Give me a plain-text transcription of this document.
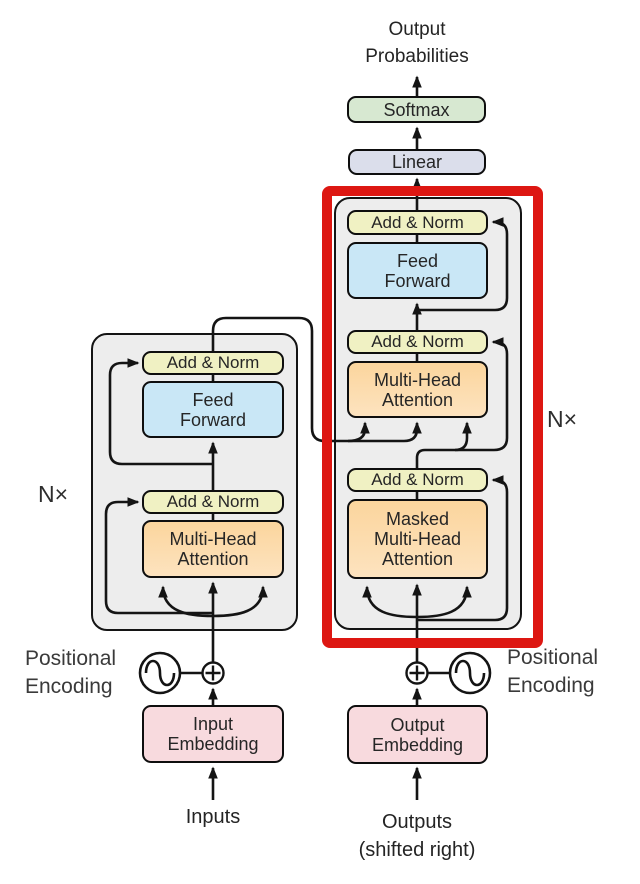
Softmax
Linear
Add & Norm
Feed Forward
Add & Norm
Multi-Head Attention
Add & Norm
Masked Multi-Head Attention
Add & Norm
Feed Forward
Add & Norm
Multi-Head Attention
Input Embedding
Output Embedding
Output Probabilities
N×
N×
Positional Encoding
Positional Encoding
Inputs	Outputs
(shifted right)
